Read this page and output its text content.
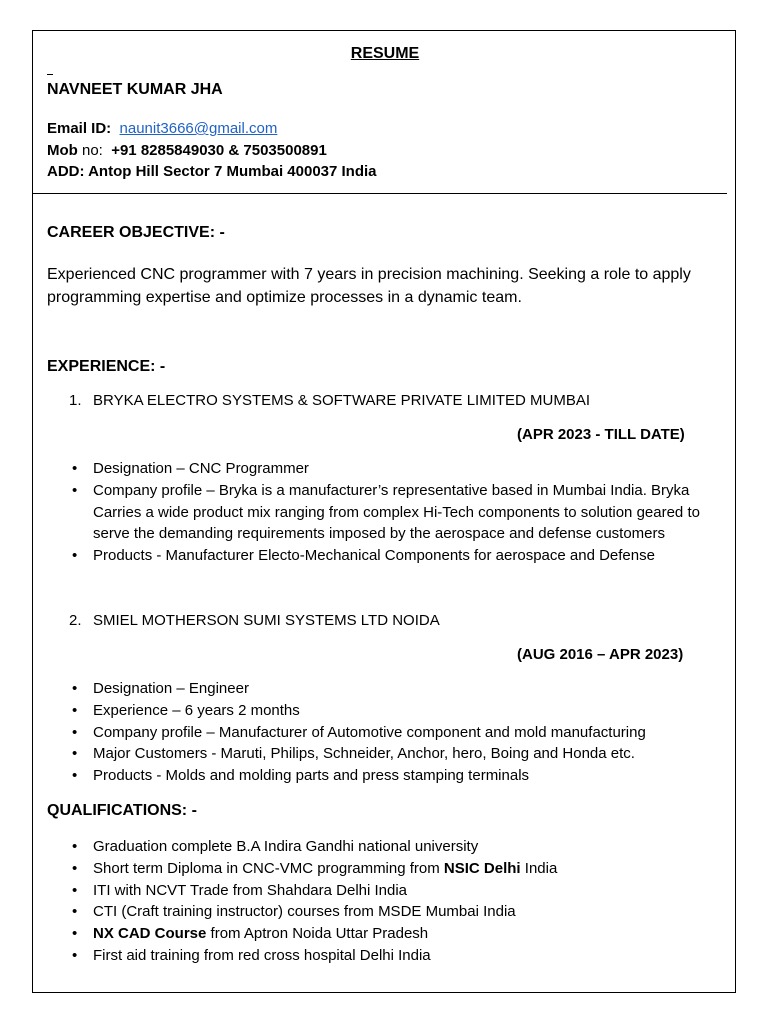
RESUME
NAVNEET KUMAR JHA
Email ID: naunit3666@gmail.com
Mob no: +91 8285849030 & 7503500891
ADD: Antop Hill Sector 7 Mumbai 400037 India
CAREER OBJECTIVE: -
Experienced CNC programmer with 7 years in precision machining. Seeking a role to apply programming expertise and optimize processes in a dynamic team.
EXPERIENCE: -
1. BRYKA ELECTRO SYSTEMS & SOFTWARE PRIVATE LIMITED MUMBAI
(APR 2023 - TILL DATE)
• Designation – CNC Programmer
• Company profile – Bryka is a manufacturer’s representative based in Mumbai India. Bryka Carries a wide product mix ranging from complex Hi-Tech components to solution geared to serve the demanding requirements imposed by the aerospace and defense customers
• Products - Manufacturer Electo-Mechanical Components for aerospace and Defense
2. SMIEL MOTHERSON SUMI SYSTEMS LTD NOIDA
(AUG 2016 – APR 2023)
• Designation – Engineer
• Experience – 6 years 2 months
• Company profile – Manufacturer of Automotive component and mold manufacturing
• Major Customers - Maruti, Philips, Schneider, Anchor, hero, Boing and Honda etc.
• Products - Molds and molding parts and press stamping terminals
QUALIFICATIONS: -
• Graduation complete B.A Indira Gandhi national university
• Short term Diploma in CNC-VMC programming from NSIC Delhi India
• ITI with NCVT Trade from Shahdara Delhi India
• CTI (Craft training instructor) courses from MSDE Mumbai India
• NX CAD Course from Aptron Noida Uttar Pradesh
• First aid training from red cross hospital Delhi India
